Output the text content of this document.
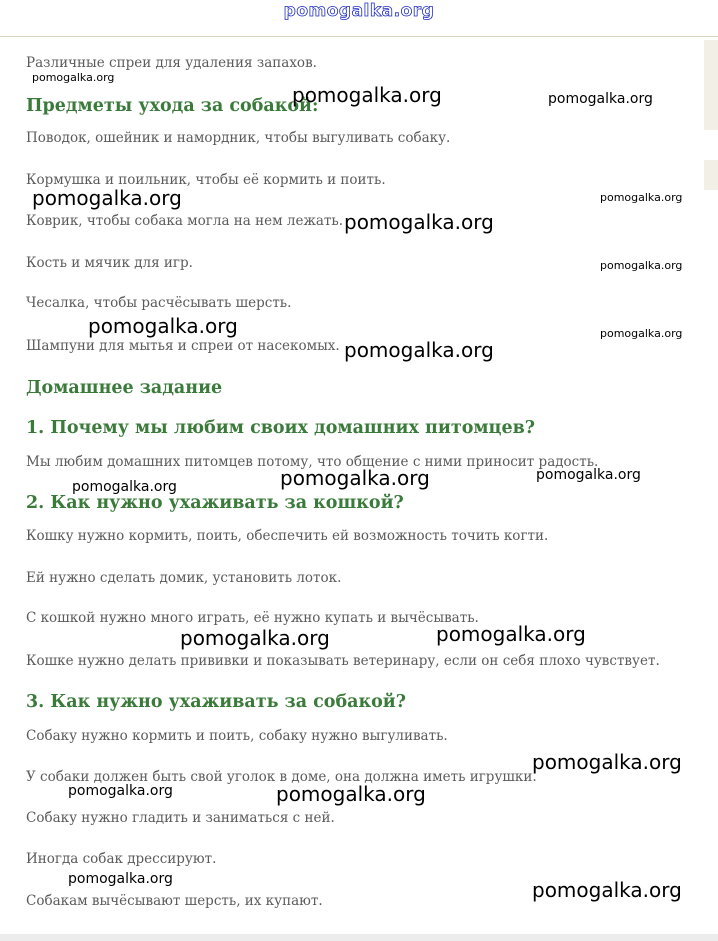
pomogalka.org
Различные спреи для удаления запахов.
Предметы ухода за собакой:
Поводок, ошейник и намордник, чтобы выгуливать собаку.
Кормушка и поильник, чтобы её кормить и поить.
Коврик, чтобы собака могла на нем лежать.
Кость и мячик для игр.
Чесалка, чтобы расчёсывать шерсть.
Шампуни для мытья и спреи от насекомых.
Домашнее задание
1. Почему мы любим своих домашних питомцев?
Мы любим домашних питомцев потому, что общение с ними приносит радость.
2. Как нужно ухаживать за кошкой?
Кошку нужно кормить, поить, обеспечить ей возможность точить когти.
Ей нужно сделать домик, установить лоток.
С кошкой нужно много играть, её нужно купать и вычёсывать.
Кошке нужно делать прививки и показывать ветеринару, если он себя плохо чувствует.
3. Как нужно ухаживать за собакой?
Собаку нужно кормить и поить, собаку нужно выгуливать.
У собаки должен быть свой уголок в доме, она должна иметь игрушки.
Собаку нужно гладить и заниматься с ней.
Иногда собак дрессируют.
Собакам вычёсывают шерсть, их купают.
pomogalka.org
pomogalka.org	pomogalka.org
pomogalka.org	pomogalka.org
pomogalka.org
pomogalka.org
pomogalka.org	pomogalka.org
pomogalka.org
pomogalka.org	pomogalka.org
pomogalka.org
pomogalka.org
pomogalka.org
pomogalka.org
pomogalka.org	pomogalka.org
pomogalka.org	pomogalka.org
